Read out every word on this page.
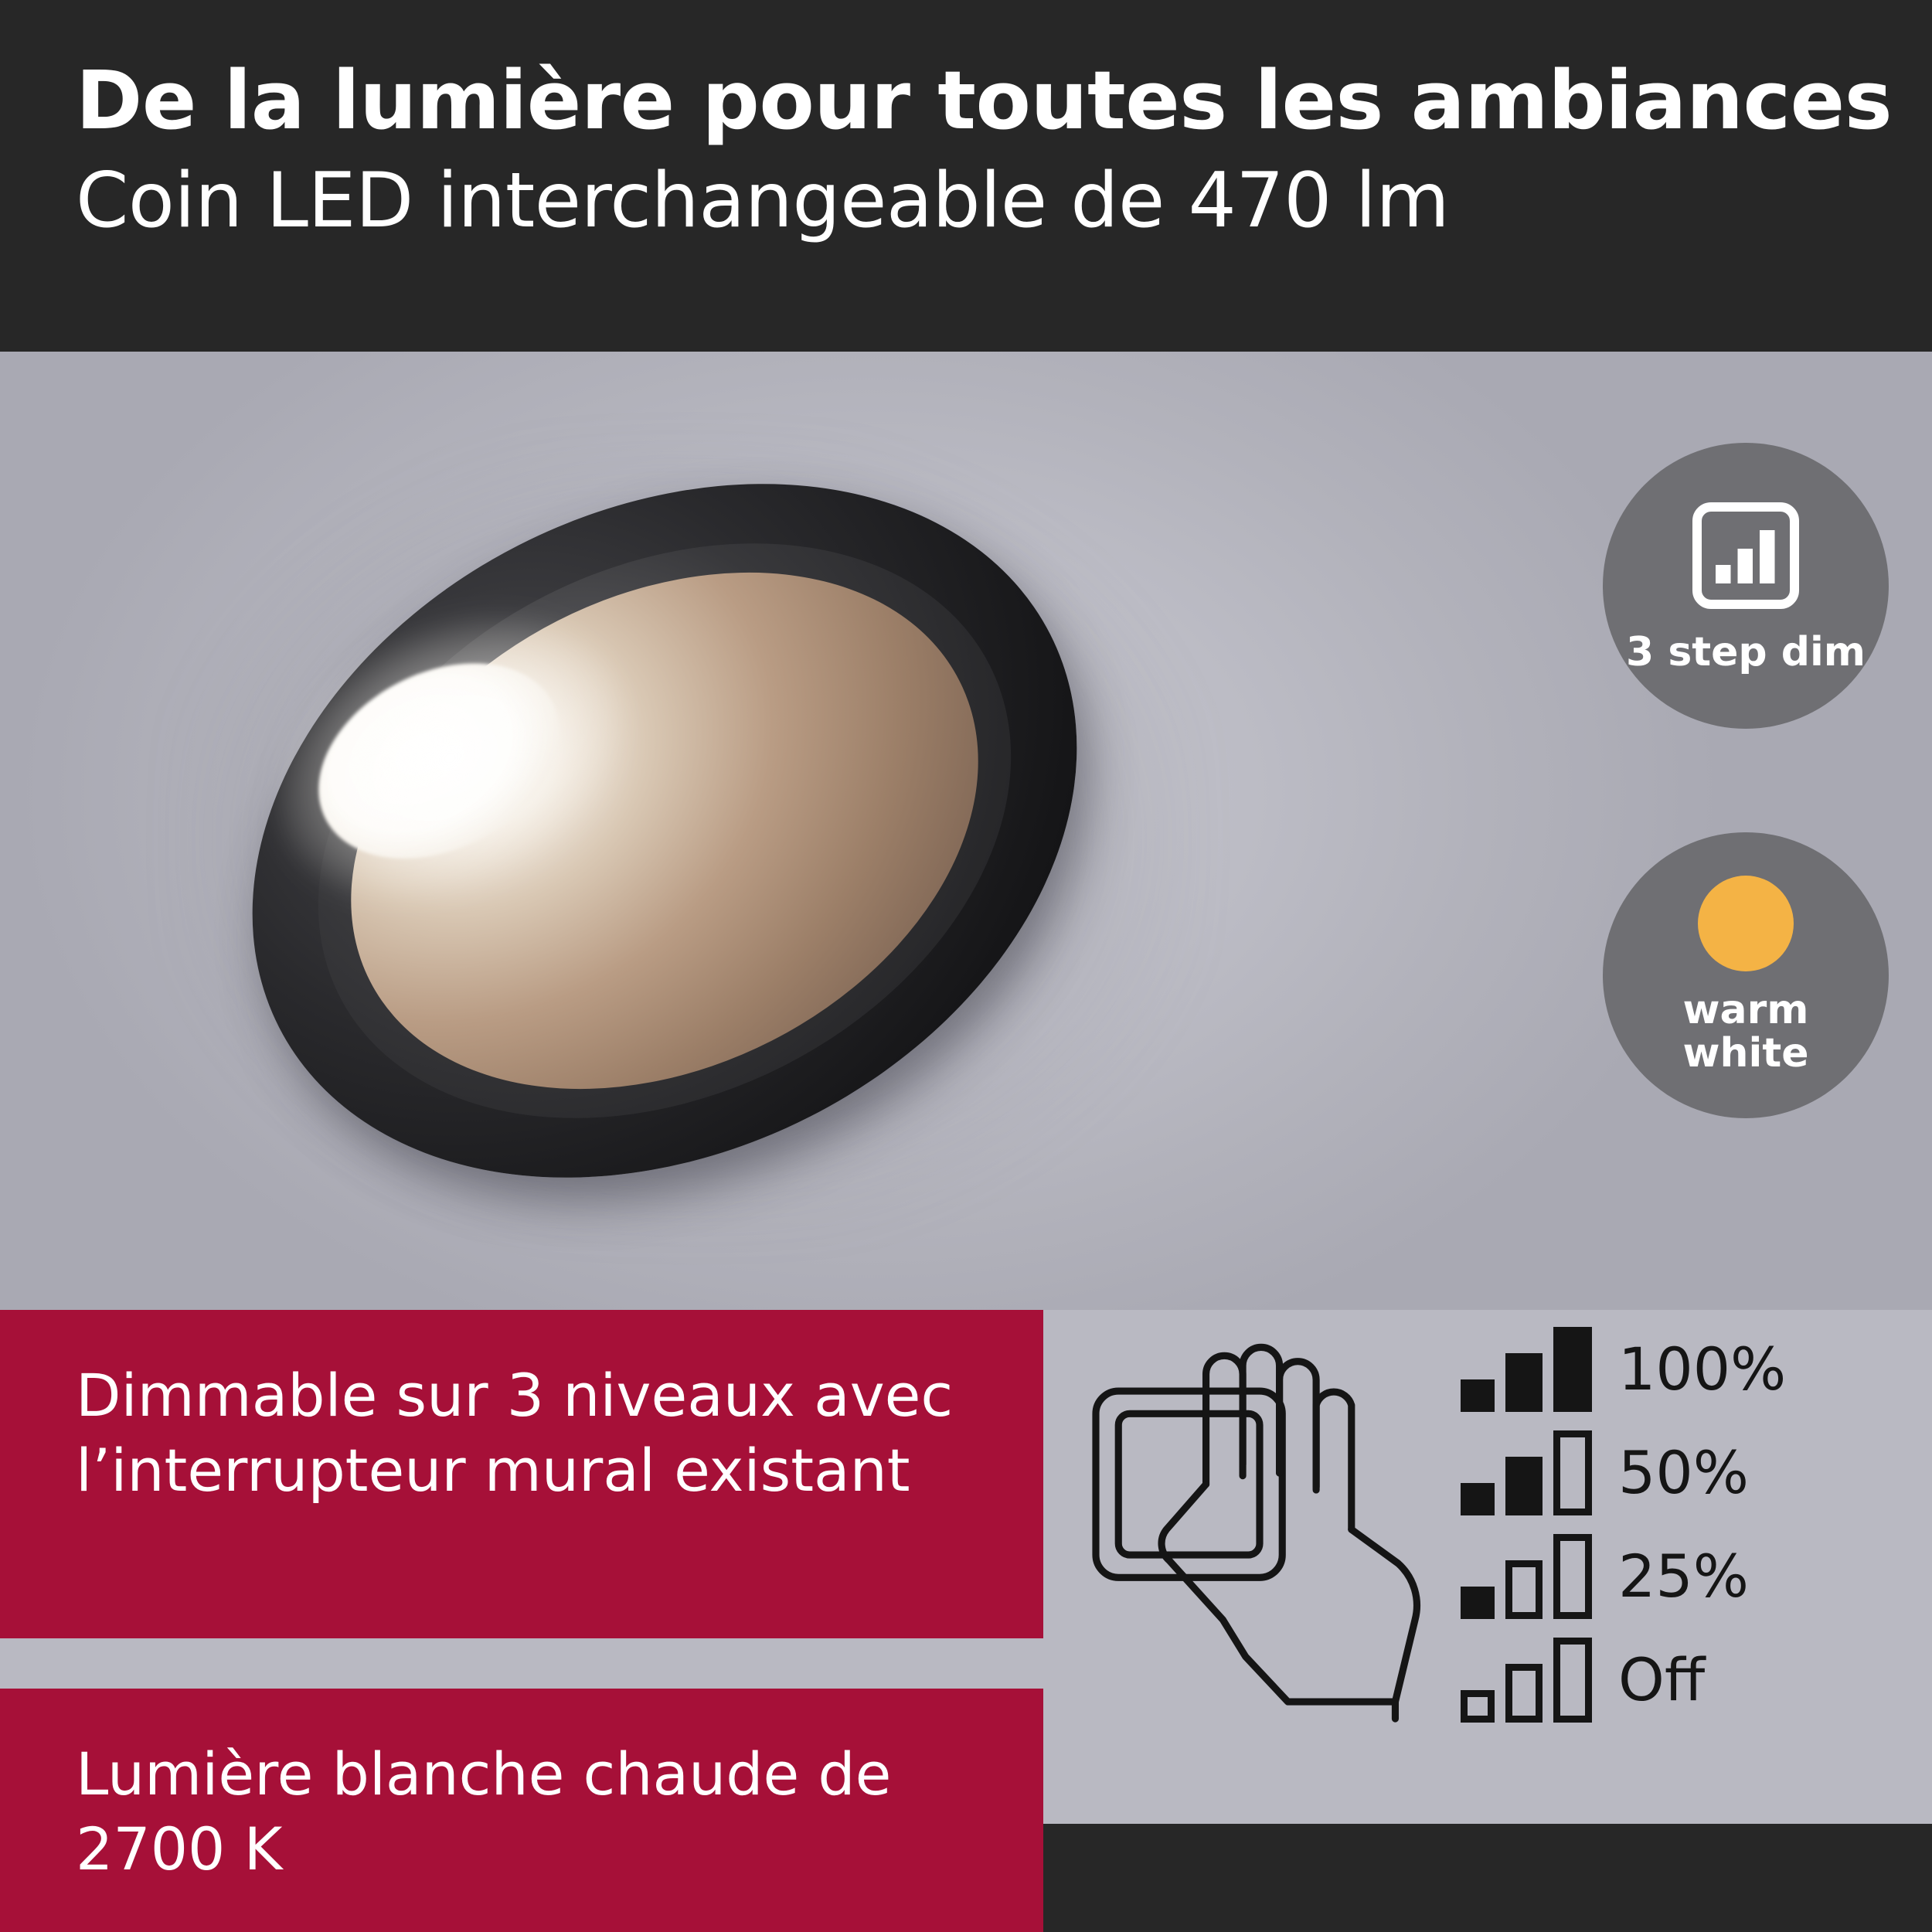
De la lumière pour toutes les ambiances
Coin LED interchangeable de 470 lm
3 step dim
warm
white

Dimmable sur 3 niveaux avec l’interrupteur mural existant

Lumière blanche chaude de 2700 K

100%
50%
25%
Off
